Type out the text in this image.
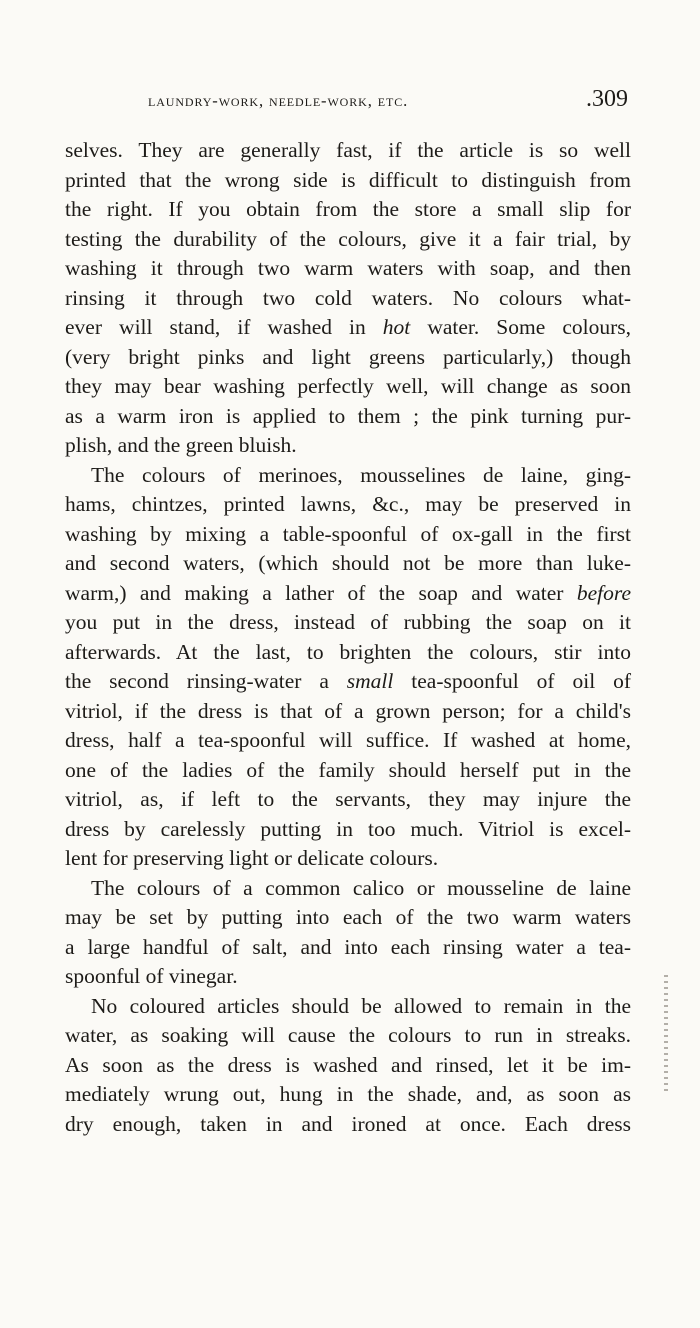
laundry-work, needle-work, etc.	.309
selves. They are generally fast, if the article is so well
printed that the wrong side is difficult to distinguish from
the right. If you obtain from the store a small slip for
testing the durability of the colours, give it a fair trial, by
washing it through two warm waters with soap, and then
rinsing it through two cold waters. No colours what-
ever will stand, if washed in hot water. Some colours,
(very bright pinks and light greens particularly,) though
they may bear washing perfectly well, will change as soon
as a warm iron is applied to them ; the pink turning pur-
plish, and the green bluish.
The colours of merinoes, mousselines de laine, ging-
hams, chintzes, printed lawns, &c., may be preserved in
washing by mixing a table-spoonful of ox-gall in the first
and second waters, (which should not be more than luke-
warm,) and making a lather of the soap and water before
you put in the dress, instead of rubbing the soap on it
afterwards. At the last, to brighten the colours, stir into
the second rinsing-water a small tea-spoonful of oil of
vitriol, if the dress is that of a grown person; for a child's
dress, half a tea-spoonful will suffice. If washed at home,
one of the ladies of the family should herself put in the
vitriol, as, if left to the servants, they may injure the
dress by carelessly putting in too much. Vitriol is excel-
lent for preserving light or delicate colours.
The colours of a common calico or mousseline de laine
may be set by putting into each of the two warm waters
a large handful of salt, and into each rinsing water a tea-
spoonful of vinegar.
No coloured articles should be allowed to remain in the
water, as soaking will cause the colours to run in streaks.
As soon as the dress is washed and rinsed, let it be im-
mediately wrung out, hung in the shade, and, as soon as
dry enough, taken in and ironed at once. Each dress
